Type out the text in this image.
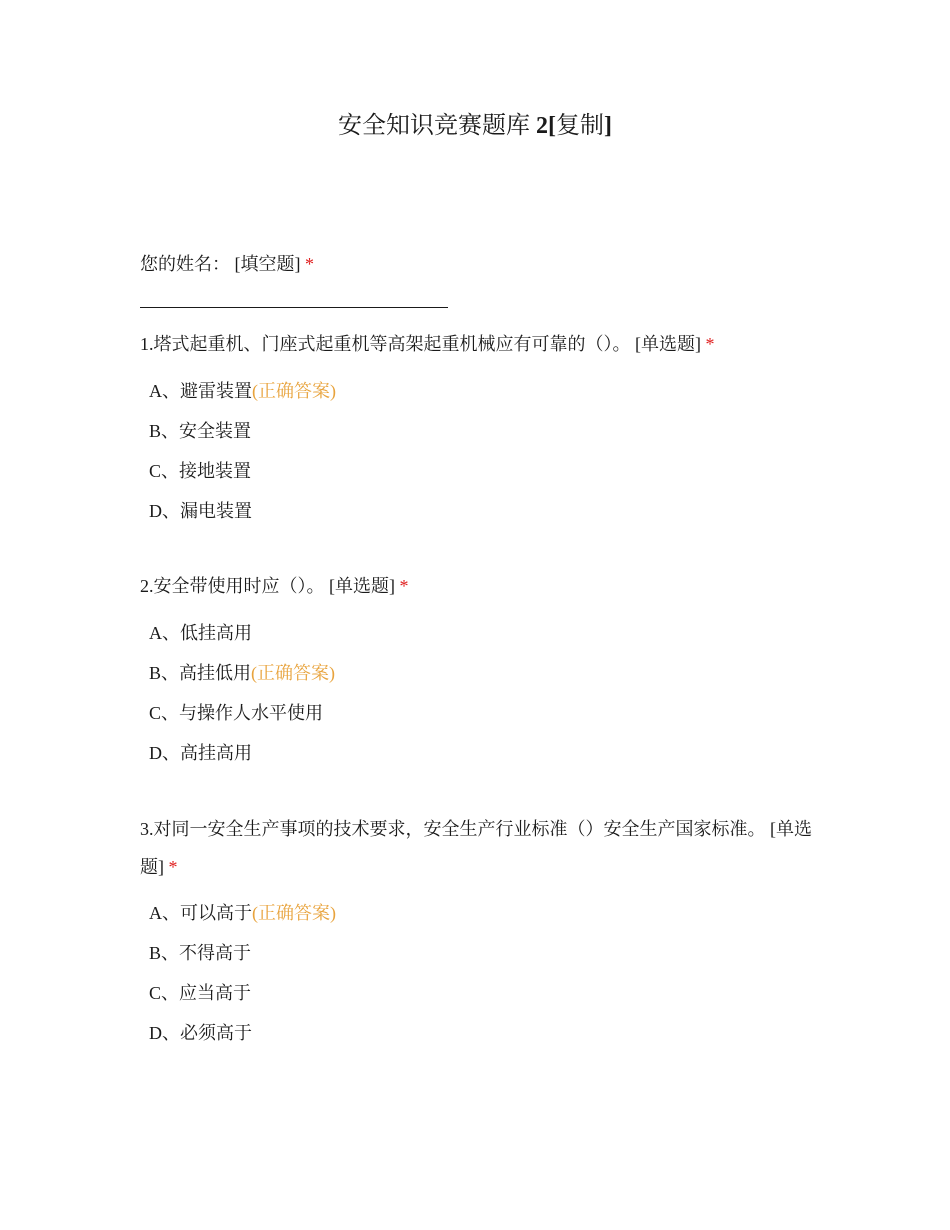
安全知识竞赛题库 2[复制]
您的姓名： [填空题] *
1.塔式起重机、门座式起重机等高架起重机械应有可靠的（）。 [单选题] *
A、避雷装置(正确答案)
B、安全装置
C、接地装置
D、漏电装置
2.安全带使用时应（）。 [单选题] *
A、低挂高用
B、高挂低用(正确答案)
C、与操作人水平使用
D、高挂高用
3.对同一安全生产事项的技术要求，安全生产行业标准（）安全生产国家标准。 [单选题] *
A、可以高于(正确答案)
B、不得高于
C、应当高于
D、必须高于
